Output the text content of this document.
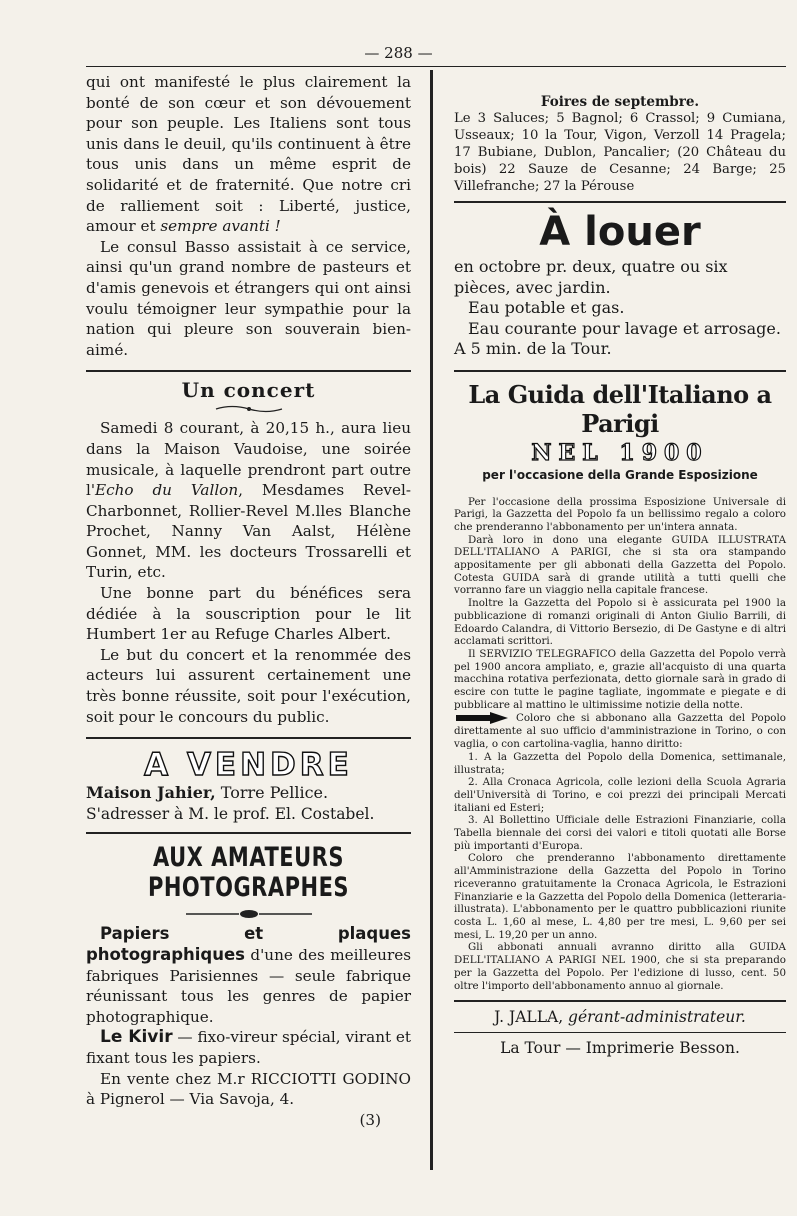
— 288 —

qui ont manifesté le plus clairement la bonté de son cœur et son dévouement pour son peuple. Les Italiens sont tous unis dans le deuil, qu'ils continuent à être tous unis dans un même esprit de solidarité et de fraternité. Que notre cri de ralliement soit : Liberté, justice, amour et sempre avanti !

Le consul Basso assistait à ce service, ainsi qu'un grand nombre de pasteurs et d'amis genevois et étrangers qui ont ainsi voulu témoigner leur sympathie pour la nation qui pleure son souverain bien-aimé.

Un concert

Samedi 8 courant, à 20,15 h., aura lieu dans la Maison Vaudoise, une soirée musicale, à laquelle prendront part outre l'Echo du Vallon, Mesdames Revel-Charbonnet, Rollier-Revel M.lles Blanche Prochet, Nanny Van Aalst, Hélène Gonnet, MM. les docteurs Trossarelli et Turin, etc.

Une bonne part du bénéfices sera dédiée à la souscription pour le lit Humbert 1er au Refuge Charles Albert.

Le but du concert et la renommée des acteurs lui assurent certainement une très bonne réussite, soit pour l'exécution, soit pour le concours du public.

A VENDRE

Maison Jahier, Torre Pellice.

S'adresser à M. le prof. El. Costabel.

AUX AMATEURS PHOTOGRAPHES

Papiers et plaques photographiques d'une des meilleures fabriques Parisiennes — seule fabrique réunissant tous les genres de papier photographique.

Le Kivir — fixo-vireur spécial, virant et fixant tous les papiers.

En vente chez M.r RICCIOTTI GODINO à Pignerol — Via Savoja, 4.

(3)

Foires de septembre.

Le 3 Saluces; 5 Bagnol; 6 Crassol; 9 Cumiana, Usseaux; 10 la Tour, Vigon, Verzoll 14 Pragela; 17 Bubiane, Dublon, Pancalier; (20 Château du bois) 22 Sauze de Cesanne; 24 Barge; 25 Villefranche; 27 la Pérouse

À louer

en octobre pr. deux, quatre ou six pièces, avec jardin.

Eau potable et gas.

Eau courante pour lavage et arrosage. A 5 min. de la Tour.

La Guida dell'Italiano a Parigi
NEL 1900
per l'occasione della Grande Esposizione

Per l'occasione della prossima Esposizione Universale di Parigi, la Gazzetta del Popolo fa un bellissimo regalo a coloro che prenderanno l'abbonamento per un'intera annata.

Darà loro in dono una elegante GUIDA ILLUSTRATA DELL'ITALIANO A PARIGI, che si sta ora stampando appositamente per gli abbonati della Gazzetta del Popolo. Cotesta GUIDA sarà di grande utilità a tutti quelli che vorranno fare un viaggio nella capitale francese.

Inoltre la Gazzetta del Popolo si è assicurata pel 1900 la pubblicazione di romanzi originali di Anton Giulio Barrili, di Edoardo Calandra, di Vittorio Bersezio, di De Gastyne e di altri acclamati scrittori.

Il SERVIZIO TELEGRAFICO della Gazzetta del Popolo verrà pel 1900 ancora ampliato, e, grazie all'acquisto di una quarta macchina rotativa perfezionata, detto giornale sarà in grado di escire con tutte le pagine tagliate, ingommate e piegate e di pubblicare al mattino le ultimissime notizie della notte.

Coloro che si abbonano alla Gazzetta del Popolo direttamente al suo ufficio d'amministrazione in Torino, o con vaglia, o con cartolina-vaglia, hanno diritto:

1. A la Gazzetta del Popolo della Domenica, settimanale, illustrata;

2. Alla Cronaca Agricola, colle lezioni della Scuola Agraria dell'Università di Torino, e coi prezzi dei principali Mercati italiani ed Esteri;

3. Al Bollettino Ufficiale delle Estrazioni Finanziarie, colla Tabella biennale dei corsi dei valori e titoli quotati alle Borse più importanti d'Europa.

Coloro che prenderanno l'abbonamento direttamente all'Amministrazione della Gazzetta del Popolo in Torino riceveranno gratuitamente la Cronaca Agricola, le Estrazioni Finanziarie e la Gazzetta del Popolo della Domenica (letteraria-illustrata). L'abbonamento per le quattro pubblicazioni riunite costa L. 1,60 al mese, L. 4,80 per tre mesi, L. 9,60 per sei mesi, L. 19,20 per un anno.

Gli abbonati annuali avranno diritto alla GUIDA DELL'ITALIANO A PARIGI NEL 1900, che si sta preparando per la Gazzetta del Popolo. Per l'edizione di lusso, cent. 50 oltre l'importo dell'abbonamento annuo al giornale.

J. JALLA, gérant-administrateur.

La Tour — Imprimerie Besson.
